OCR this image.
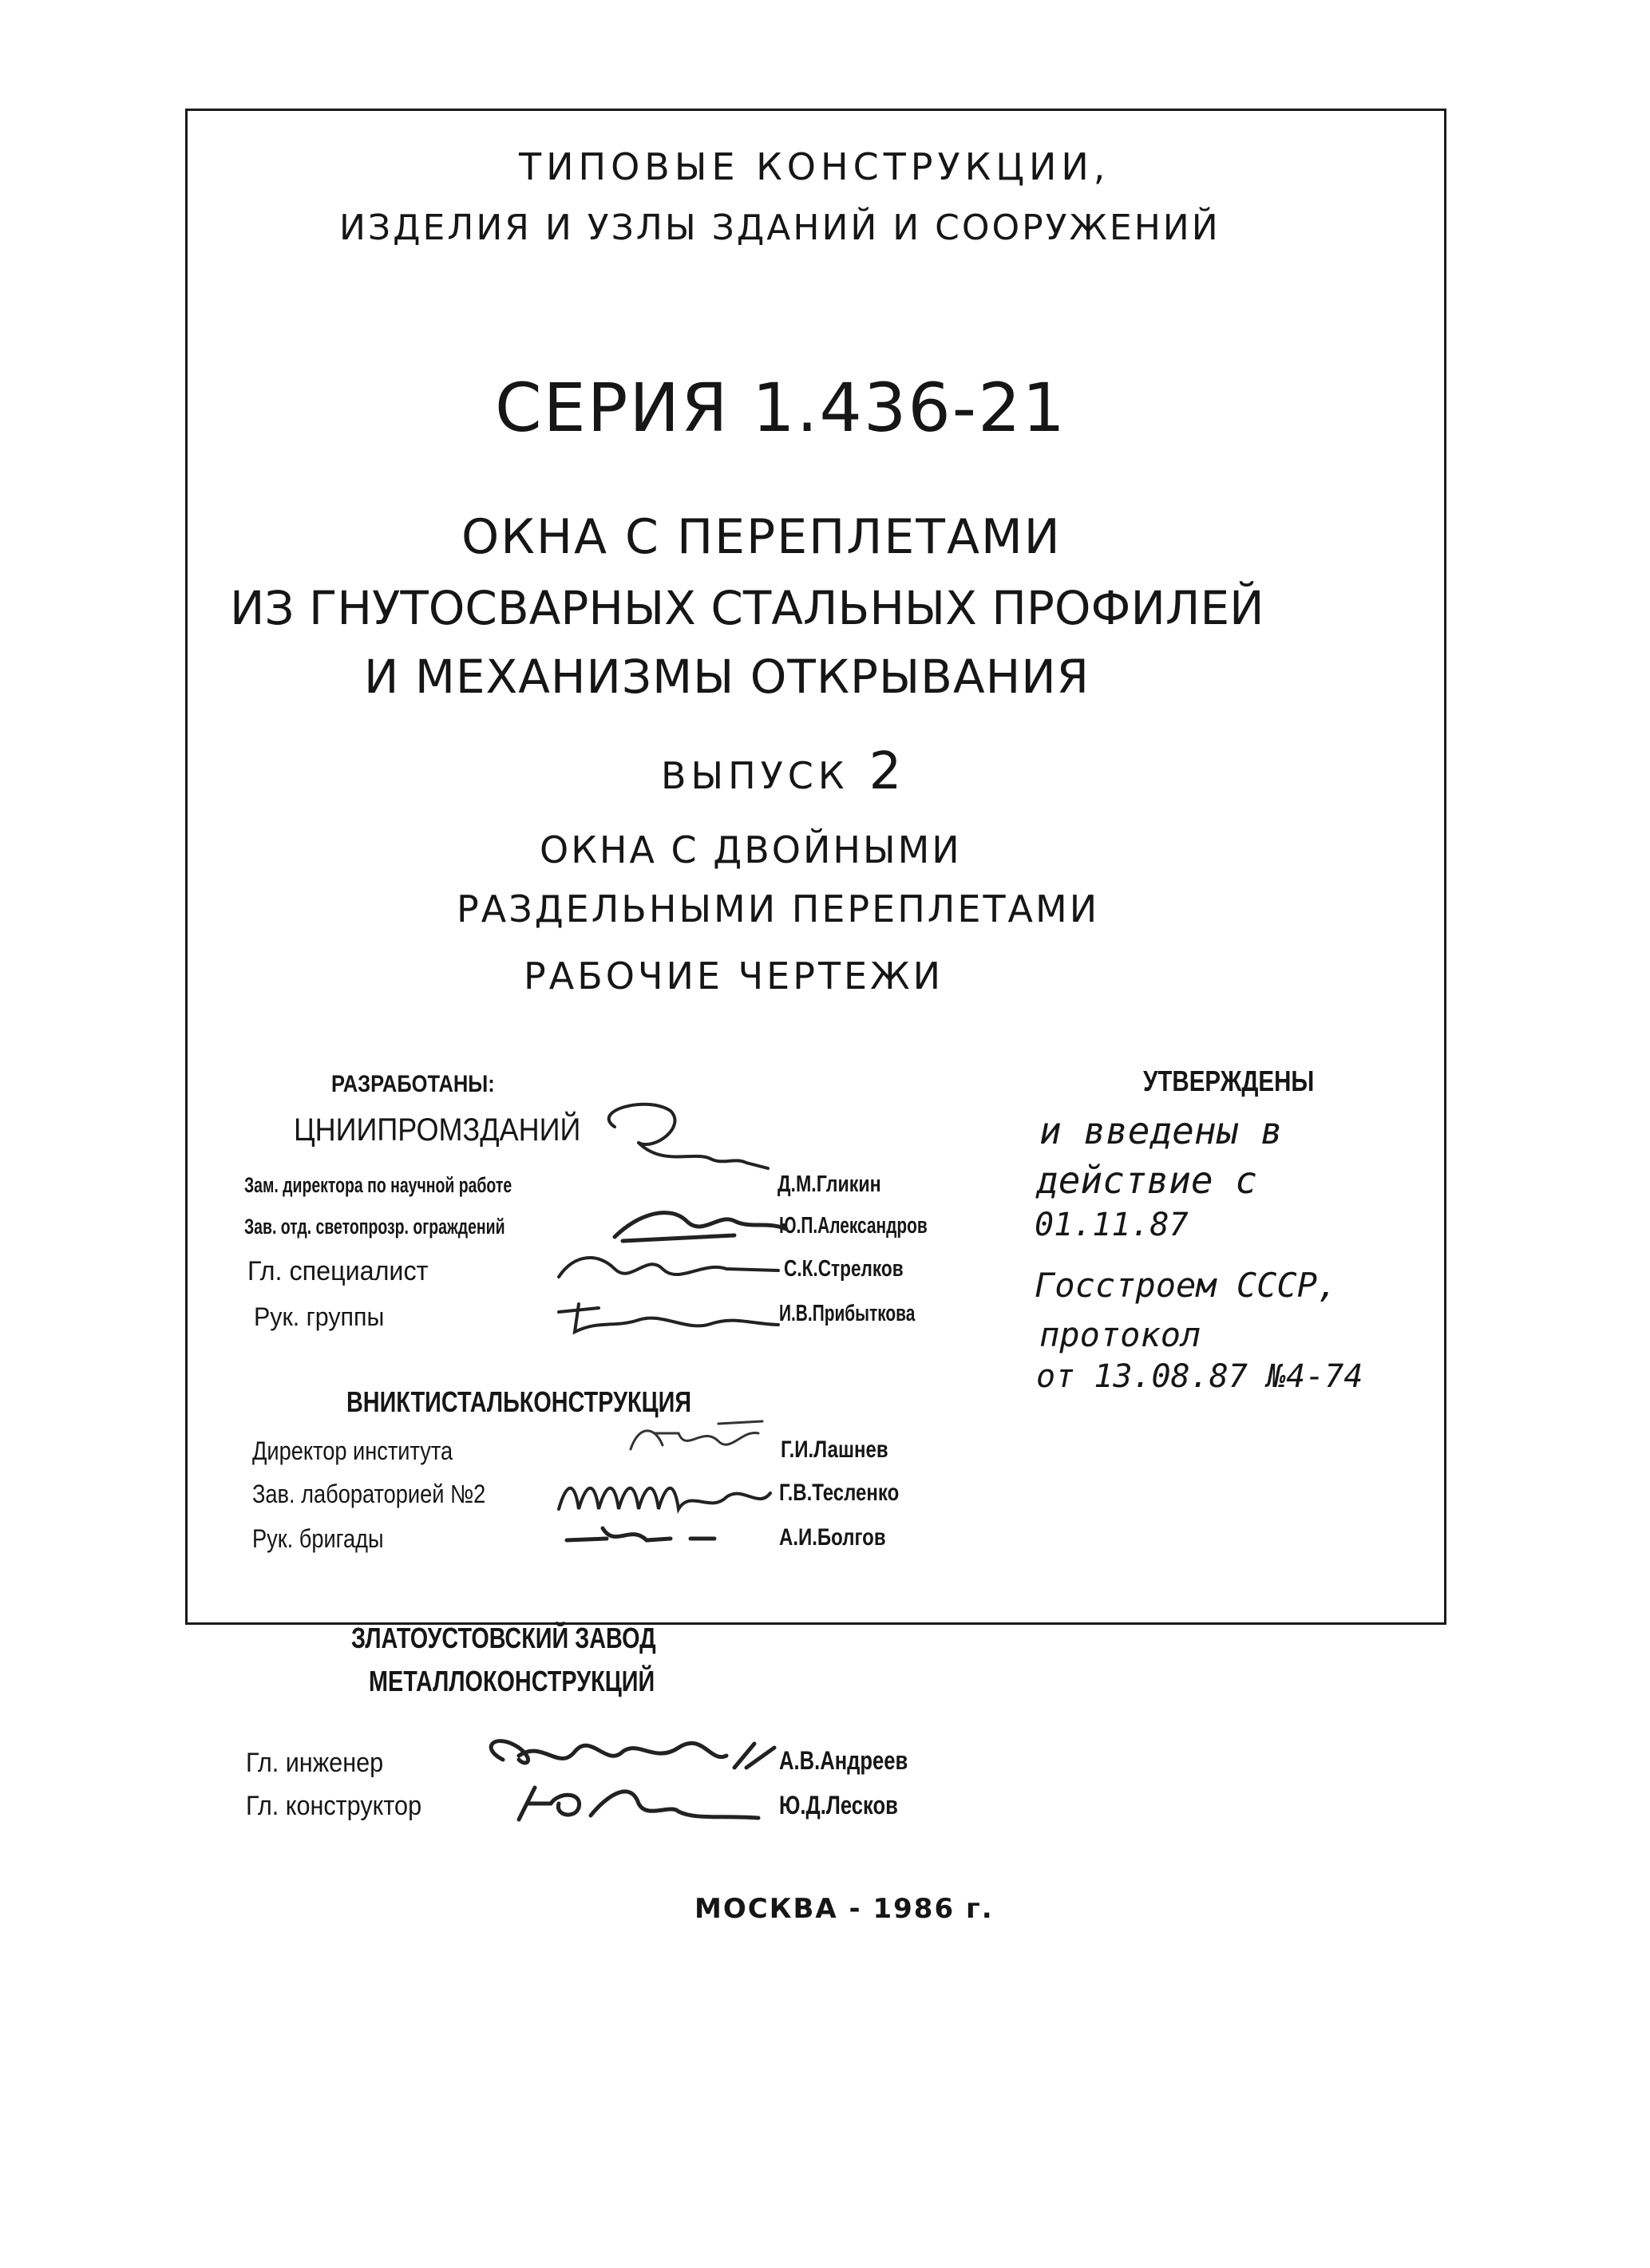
ТИПОВЫЕ КОНСТРУКЦИИ,
ИЗДЕЛИЯ И УЗЛЫ ЗДАНИЙ И СООРУЖЕНИЙ
СЕРИЯ 1.436-21
ОКНА С ПЕРЕПЛЕТАМИ
ИЗ ГНУТОСВАРНЫХ СТАЛЬНЫХ ПРОФИЛЕЙ
И МЕХАНИЗМЫ ОТКРЫВАНИЯ
ВЫПУСК 2
ОКНА С ДВОЙНЫМИ
РАЗДЕЛЬНЫМИ ПЕРЕПЛЕТАМИ
РАБОЧИЕ ЧЕРТЕЖИ
РАЗРАБОТАНЫ:
ЦНИИПРОМЗДАНИЙ
Зам. директора по научной работе	Д.М.Гликин
Зав. отд. светопрозр. ограждений	Ю.П.Александров
Гл. специалист	С.К.Стрелков
Рук. группы	И.В.Прибыткова
ВНИКТИСТАЛЬКОНСТРУКЦИЯ
Директор института	Г.И.Лашнев
Зав. лабораторией №2	Г.В.Тесленко
Рук. бригады	А.И.Болгов
ЗЛАТОУСТОВСКИЙ ЗАВОД
МЕТАЛЛОКОНСТРУКЦИЙ
Гл. инженер	А.В.Андреев
Гл. конструктор	Ю.Д.Лесков
УТВЕРЖДЕНЫ
и введены в
действие с
01.11.87
Госстроем СССР,
протокол
от 13.08.87 №4-74
МОСКВА - 1986 г.
